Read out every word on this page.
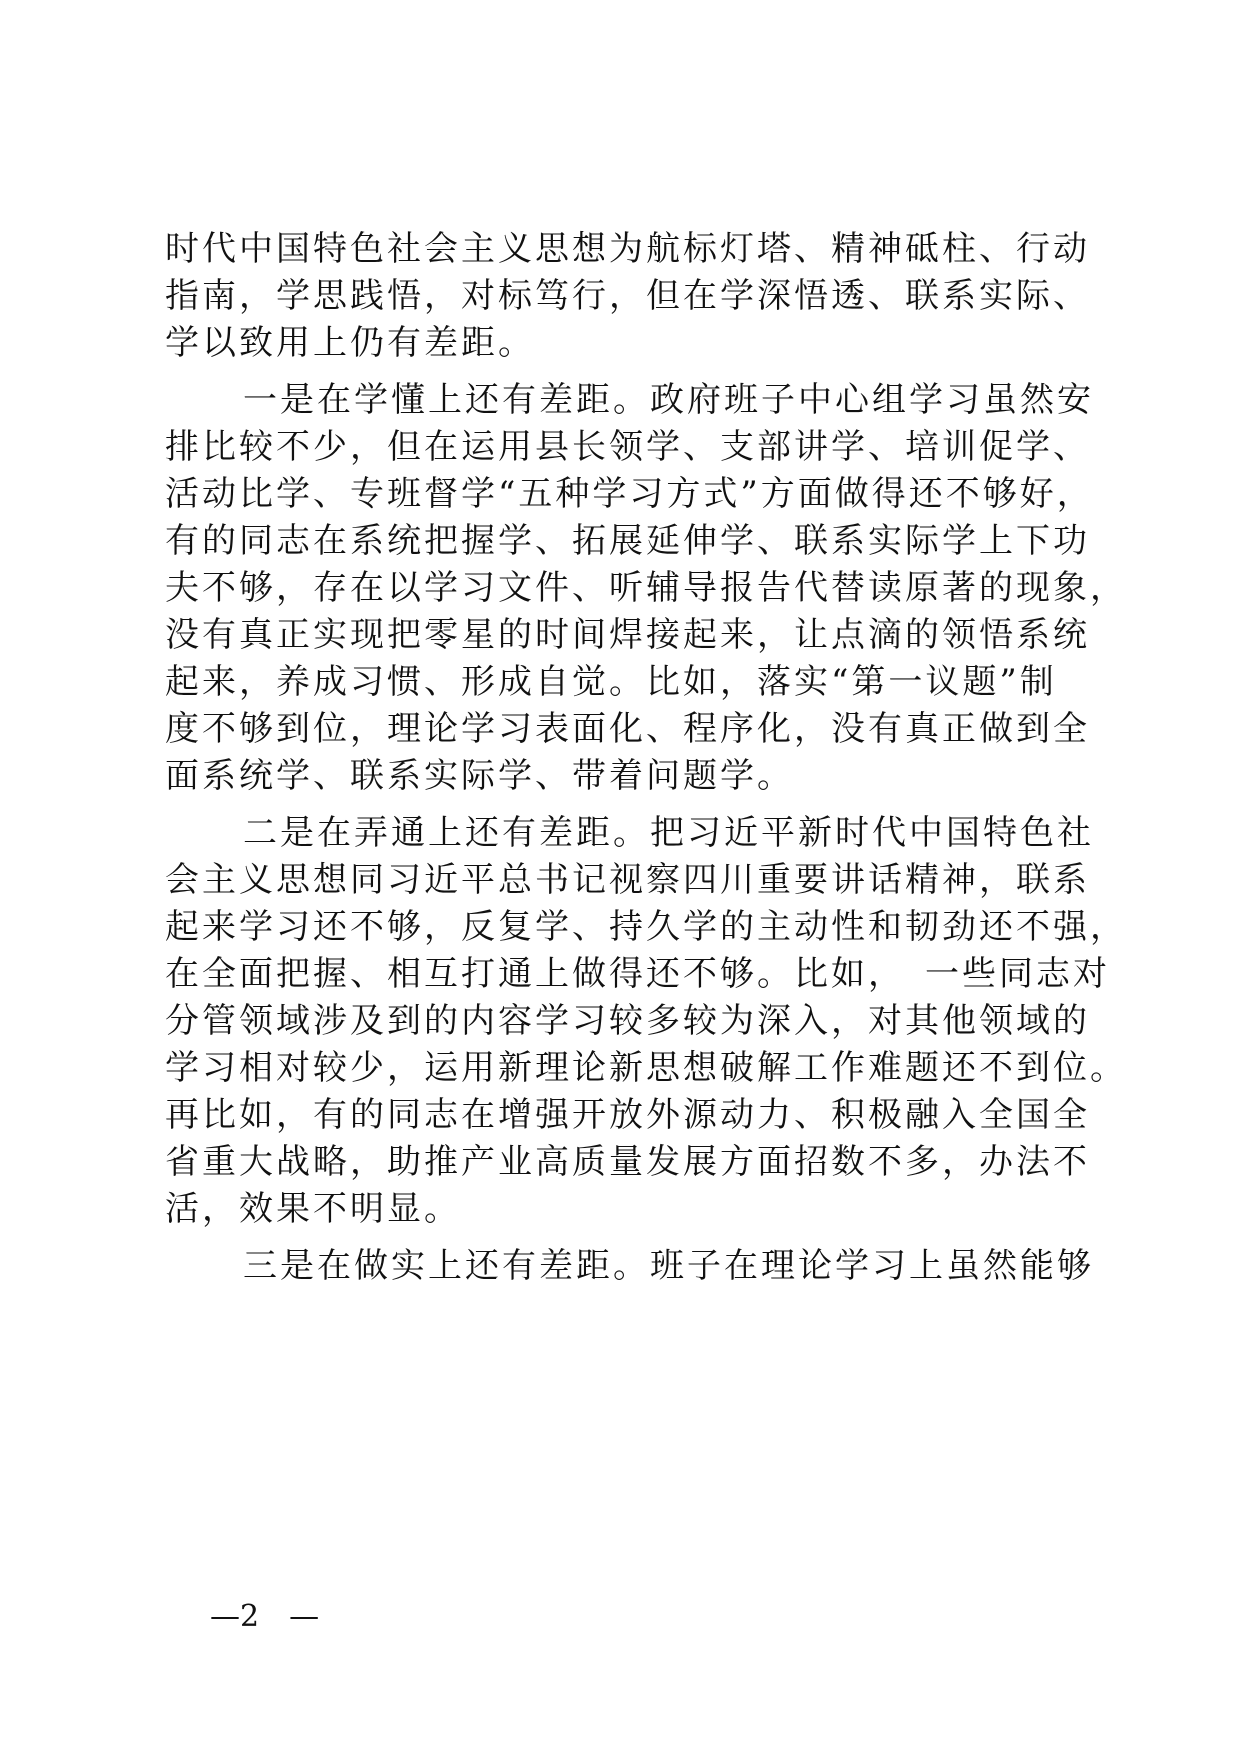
时代中国特色社会主义思想为航标灯塔、精神砥柱、行动
指南，学思践悟，对标笃行，但在学深悟透、联系实际、
学以致用上仍有差距。
一是在学懂上还有差距。政府班子中心组学习虽然安
排比较不少，但在运用县长领学、支部讲学、培训促学、
活动比学、专班督学“五种学习方式”方面做得还不够好，
有的同志在系统把握学、拓展延伸学、联系实际学上下功
夫不够，存在以学习文件、听辅导报告代替读原著的现象，
没有真正实现把零星的时间焊接起来，让点滴的领悟系统
起来，养成习惯、形成自觉。比如，落实“第一议题”制
度不够到位，理论学习表面化、程序化，没有真正做到全
面系统学、联系实际学、带着问题学。
二是在弄通上还有差距。把习近平新时代中国特色社
会主义思想同习近平总书记视察四川重要讲话精神，联系
起来学习还不够，反复学、持久学的主动性和韧劲还不强，
在全面把握、相互打通上做得还不够。比如，　一些同志对
分管领域涉及到的内容学习较多较为深入，对其他领域的
学习相对较少，运用新理论新思想破解工作难题还不到位。
再比如，有的同志在增强开放外源动力、积极融入全国全
省重大战略，助推产业高质量发展方面招数不多，办法不
活，效果不明显。
三是在做实上还有差距。班子在理论学习上虽然能够
—2　—
